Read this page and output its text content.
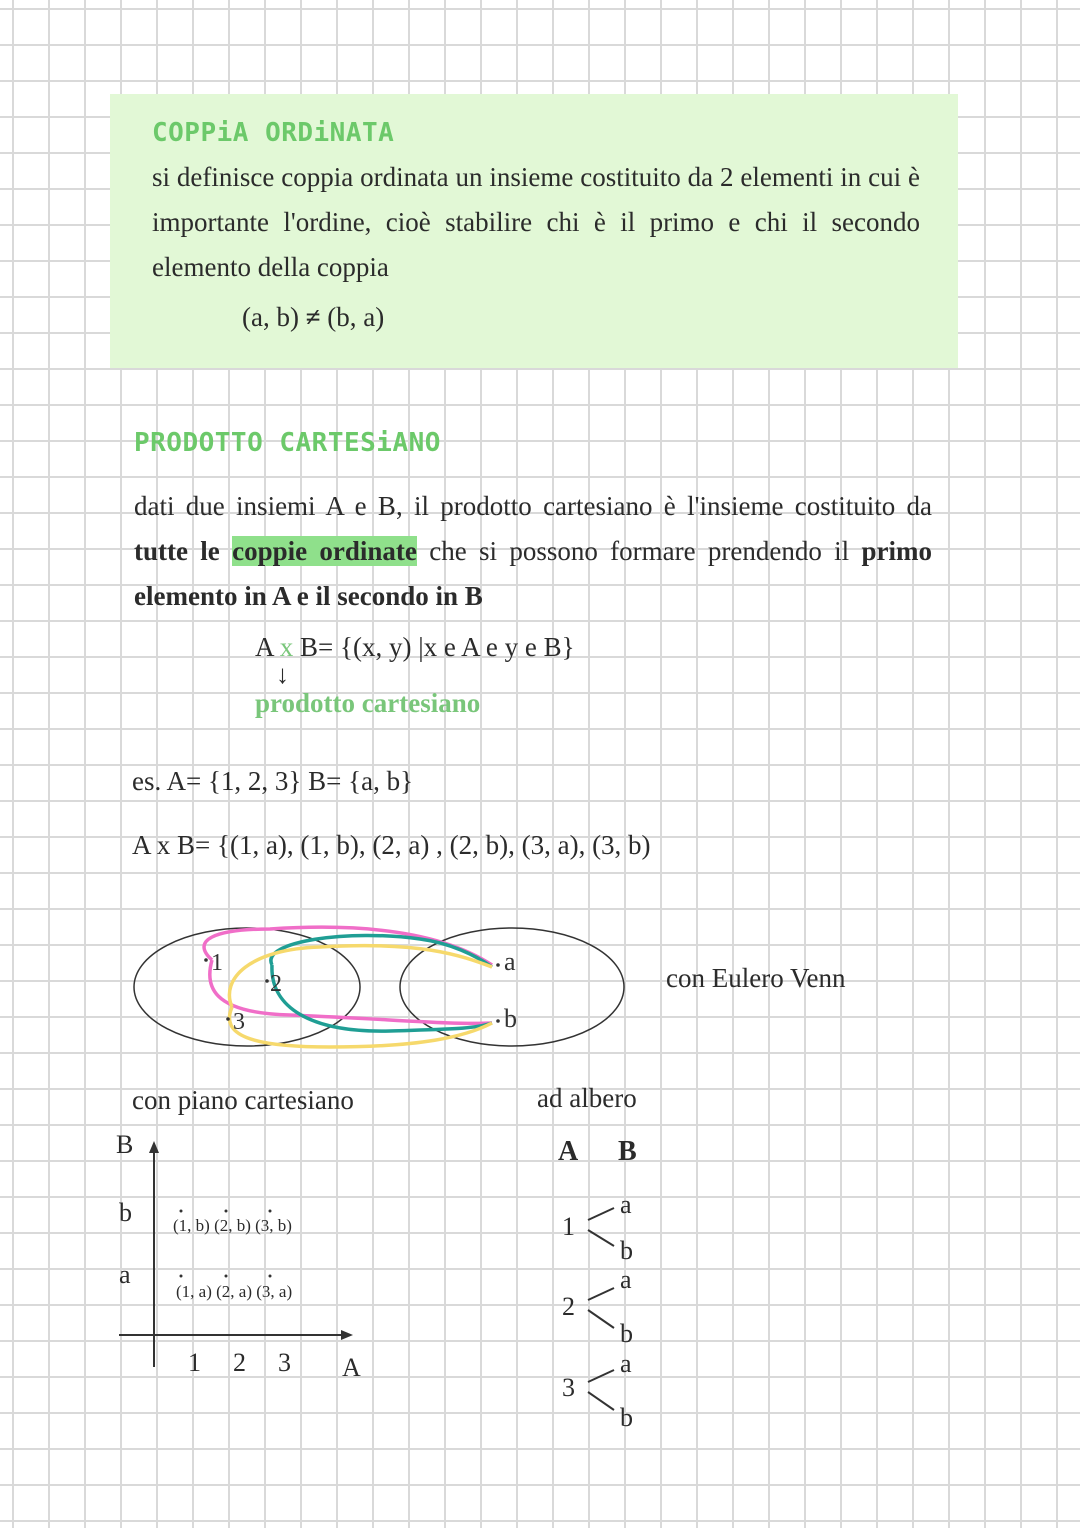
COPPiA ORDiNATA
si definisce coppia ordinata un insieme costituito da 2 elementi in cui è importante l'ordine, cioè stabilire chi è il primo e chi il secondo elemento della coppia
(a, b) ≠ (b, a)
PRODOTTO CARTESiANO
dati due insiemi A e B, il prodotto cartesiano è l'insieme costituito da tutte le coppie ordinate che si possono formare prendendo il primo elemento in A e il secondo in B
A x B= {(x, y) |x e A e y e B}
↓
prodotto cartesiano
es. A= {1, 2, 3} B= {a, b}
A x B= {(1, a), (1, b), (2, a) , (2, b), (3, a), (3, b)
1
2
3
a
b
con Eulero Venn
con piano cartesiano
B
b
a
(1, b) (2, b) (3, b)
(1, a) (2, a) (3, a)
1 2 3 A
ad albero
A B
1
2
3
a
b
a
b
a
b
